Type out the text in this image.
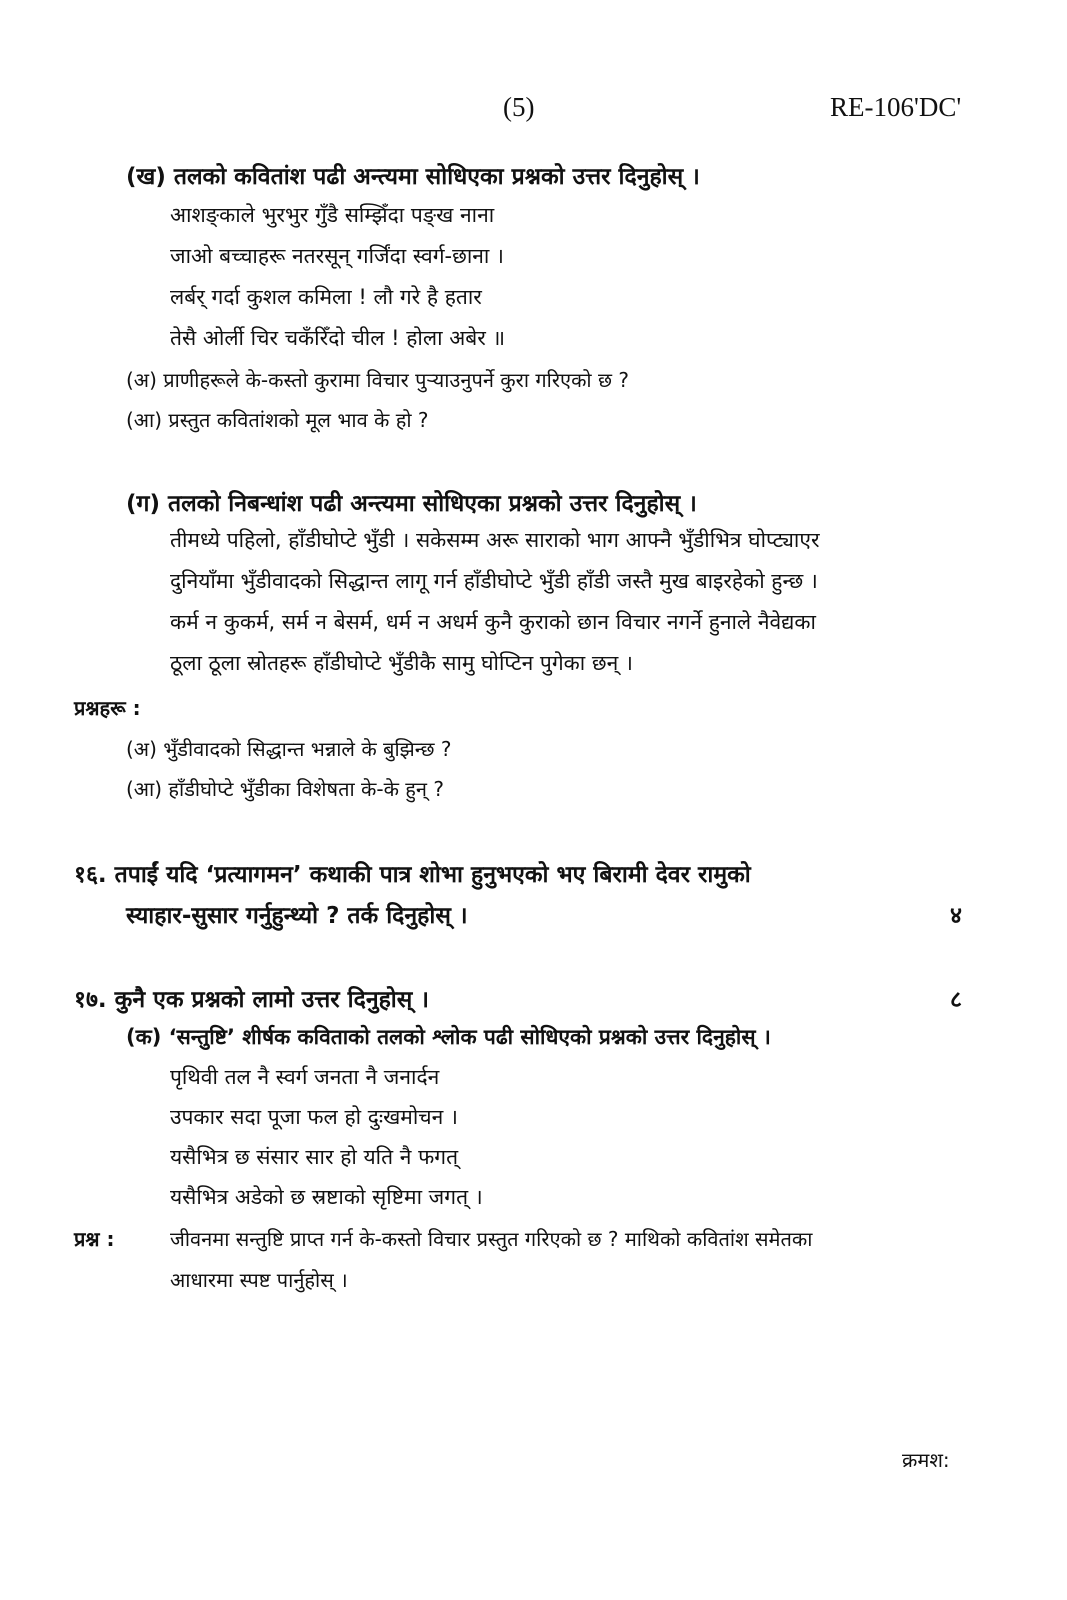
(5)	RE-106'DC'
(ख) तलको कवितांश पढी अन्त्यमा सोधिएका प्रश्नको उत्तर दिनुहोस् ।
आशङ्‌काले भुरभुर गुँडै सम्झिँदा पङ्‌ख नाना
जाओ बच्चाहरू नतरसून् गर्जिंदा स्वर्ग-छाना ।
लर्बर् गर्दा कुशल कमिला ! लौ गरे है हतार
तेसै ओर्ली चिर चकँरिँदो चील ! होला अबेर ॥
(अ) प्राणीहरूले के-कस्तो कुरामा विचार पुऱ्याउनुपर्ने कुरा गरिएको छ ?
(आ) प्रस्तुत कवितांशको मूल भाव के हो ?
(ग) तलको निबन्धांश पढी अन्त्यमा सोधिएका प्रश्नको उत्तर दिनुहोस् ।
तीमध्ये पहिलो, हाँडीघोप्टे भुँडी । सकेसम्म अरू साराको भाग आफ्नै भुँडीभित्र घोप्ट्याएर
दुनियाँमा भुँडीवादको सिद्धान्त लागू गर्न हाँडीघोप्टे भुँडी हाँडी जस्तै मुख बाइरहेको हुन्छ ।
कर्म न कुकर्म, सर्म न बेसर्म, धर्म न अधर्म कुनै कुराको छान विचार नगर्ने हुनाले नैवेद्यका
ठूला ठूला स्रोतहरू हाँडीघोप्टे भुँडीकै सामु घोप्टिन पुगेका छन् ।
प्रश्नहरू :
(अ) भुँडीवादको सिद्धान्त भन्नाले के बुझिन्छ ?
(आ) हाँडीघोप्टे भुँडीका विशेषता के-के हुन् ?
१६. तपाईं यदि ‘प्रत्यागमन’ कथाकी पात्र शोभा हुनुभएको भए बिरामी देवर रामुको
स्याहार-सुसार गर्नुहुन्थ्यो ? तर्क दिनुहोस् ।	४
१७. कुनै एक प्रश्नको लामो उत्तर दिनुहोस् ।	८
(क) ‘सन्तुष्टि’ शीर्षक कविताको तलको श्लोक पढी सोधिएको प्रश्नको उत्तर दिनुहोस् ।
पृथिवी तल नै स्वर्ग जनता नै जनार्दन
उपकार सदा पूजा फल हो दुःखमोचन ।
यसैभित्र छ संसार सार हो यति नै फगत्
यसैभित्र अडेको छ स्रष्टाको सृष्टिमा जगत् ।
प्रश्न :	जीवनमा सन्तुष्टि प्राप्त गर्न के-कस्तो विचार प्रस्तुत गरिएको छ ? माथिको कवितांश समेतका
आधारमा स्पष्ट पार्नुहोस् ।
क्रमश:
